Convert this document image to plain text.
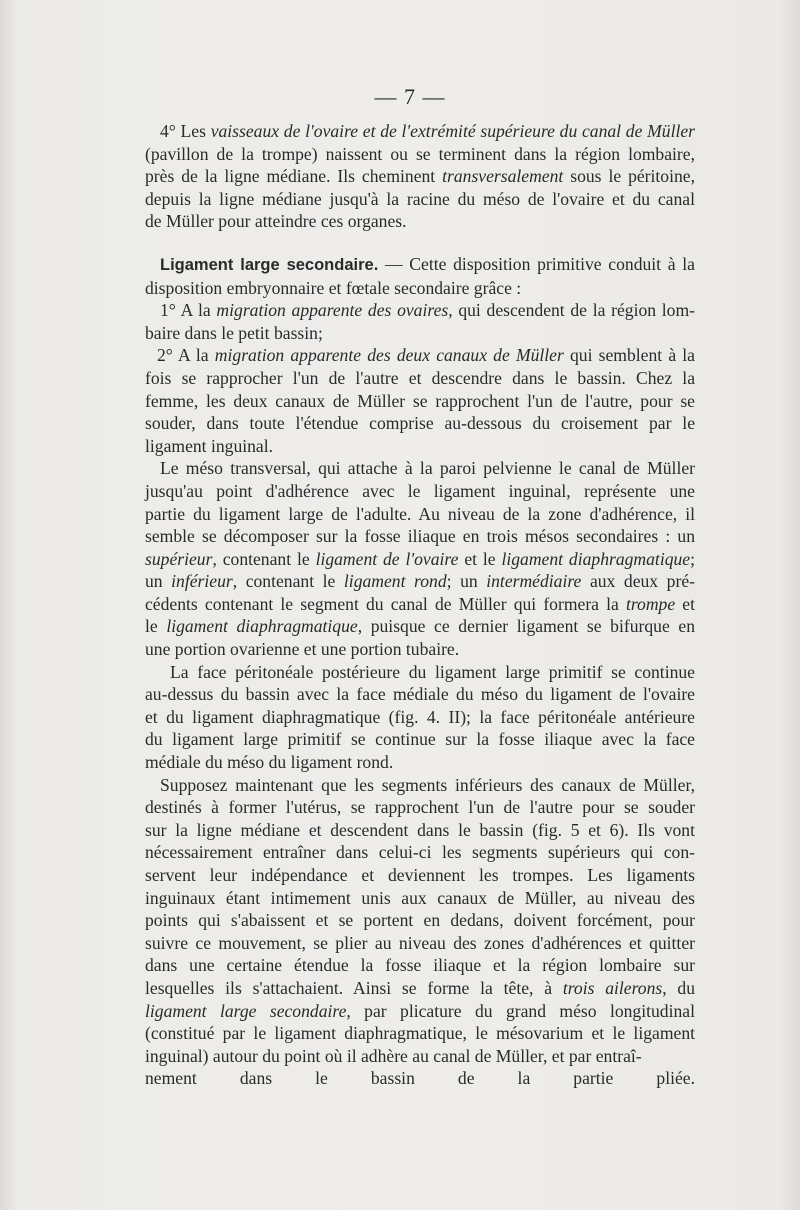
— 7 —
4° Les vaisseaux de l'ovaire et de l'extrémité supérieure du canal de Müller
(pavillon de la trompe) naissent ou se terminent dans la région lombaire,
près de la ligne médiane. Ils cheminent transversalement sous le péritoine,
depuis la ligne médiane jusqu'à la racine du méso de l'ovaire et du canal
de Müller pour atteindre ces organes.
Ligament large secondaire. — Cette disposition primitive conduit à la
disposition embryonnaire et fœtale secondaire grâce :
1° A la migration apparente des ovaires, qui descendent de la région lom-
baire dans le petit bassin;
2° A la migration apparente des deux canaux de Müller qui semblent à la
fois se rapprocher l'un de l'autre et descendre dans le bassin. Chez la
femme, les deux canaux de Müller se rapprochent l'un de l'autre, pour se
souder, dans toute l'étendue comprise au-dessous du croisement par le
ligament inguinal.
Le méso transversal, qui attache à la paroi pelvienne le canal de Müller
jusqu'au point d'adhérence avec le ligament inguinal, représente une
partie du ligament large de l'adulte. Au niveau de la zone d'adhérence, il
semble se décomposer sur la fosse iliaque en trois mésos secondaires : un
supérieur, contenant le ligament de l'ovaire et le ligament diaphragmatique;
un inférieur, contenant le ligament rond; un intermédiaire aux deux pré-
cédents contenant le segment du canal de Müller qui formera la trompe et
le ligament diaphragmatique, puisque ce dernier ligament se bifurque en
une portion ovarienne et une portion tubaire.
La face péritonéale postérieure du ligament large primitif se continue
au-dessus du bassin avec la face médiale du méso du ligament de l'ovaire
et du ligament diaphragmatique (fig. 4. II); la face péritonéale antérieure
du ligament large primitif se continue sur la fosse iliaque avec la face
médiale du méso du ligament rond.
Supposez maintenant que les segments inférieurs des canaux de Müller,
destinés à former l'utérus, se rapprochent l'un de l'autre pour se souder
sur la ligne médiane et descendent dans le bassin (fig. 5 et 6). Ils vont
nécessairement entraîner dans celui-ci les segments supérieurs qui con-
servent leur indépendance et deviennent les trompes. Les ligaments
inguinaux étant intimement unis aux canaux de Müller, au niveau des
points qui s'abaissent et se portent en dedans, doivent forcément, pour
suivre ce mouvement, se plier au niveau des zones d'adhérences et quitter
dans une certaine étendue la fosse iliaque et la région lombaire sur
lesquelles ils s'attachaient. Ainsi se forme la tête, à trois ailerons, du
ligament large secondaire, par plicature du grand méso longitudinal
(constitué par le ligament diaphragmatique, le mésovarium et le ligament
inguinal) autour du point où il adhère au canal de Müller, et par entraî-
nement dans le bassin de la partie pliée.
